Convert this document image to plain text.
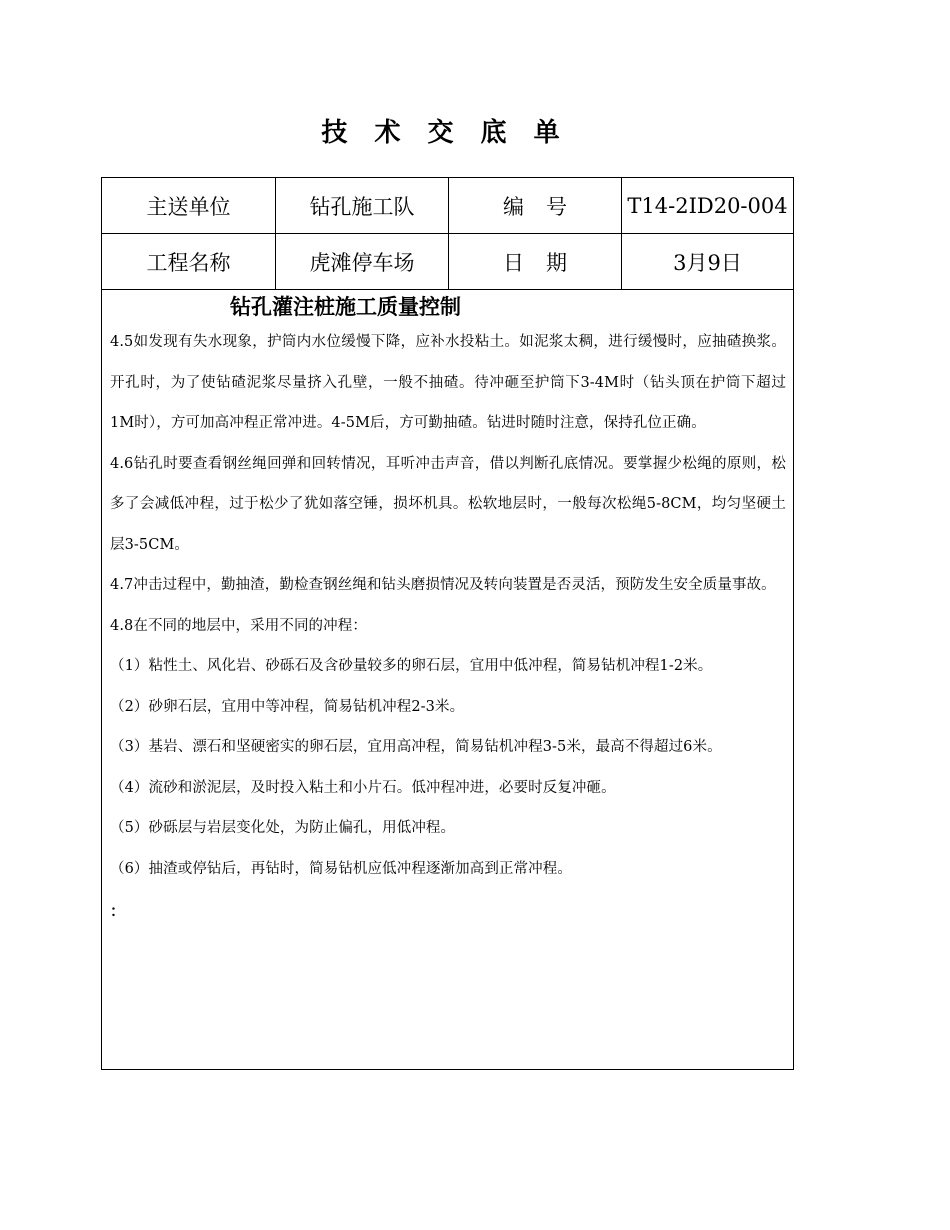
技 术 交 底 单
主送单位	钻孔施工队	编号	T14-2ID20-004
工程名称	虎滩停车场	日期	3月9日
钻孔灌注桩施工质量控制

4.5如发现有失水现象，护筒内水位缓慢下降，应补水投粘土。如泥浆太稠，进行缓慢时，应抽碴换浆。开孔时，为了使钻碴泥浆尽量挤入孔壁，一般不抽碴。待冲砸至护筒下3-4M时（钻头顶在护筒下超过1M时），方可加高冲程正常冲进。4-5M后，方可勤抽碴。钻进时随时注意，保持孔位正确。

4.6钻孔时要查看钢丝绳回弹和回转情况，耳听冲击声音，借以判断孔底情况。要掌握少松绳的原则，松多了会减低冲程，过于松少了犹如落空锤，损坏机具。松软地层时，一般每次松绳5-8CM，均匀坚硬土层3-5CM。

4.7冲击过程中，勤抽渣，勤检查钢丝绳和钻头磨损情况及转向装置是否灵活，预防发生安全质量事故。

4.8在不同的地层中，采用不同的冲程：

（1）粘性土、风化岩、砂砾石及含砂量较多的卵石层，宜用中低冲程，简易钻机冲程1-2米。

（2）砂卵石层，宜用中等冲程，简易钻机冲程2-3米。

（3）基岩、漂石和坚硬密实的卵石层，宜用高冲程，简易钻机冲程3-5米，最高不得超过6米。

（4）流砂和淤泥层，及时投入粘土和小片石。低冲程冲进，必要时反复冲砸。

（5）砂砾层与岩层变化处，为防止偏孔，用低冲程。

（6）抽渣或停钻后，再钻时，简易钻机应低冲程逐渐加高到正常冲程。

：
